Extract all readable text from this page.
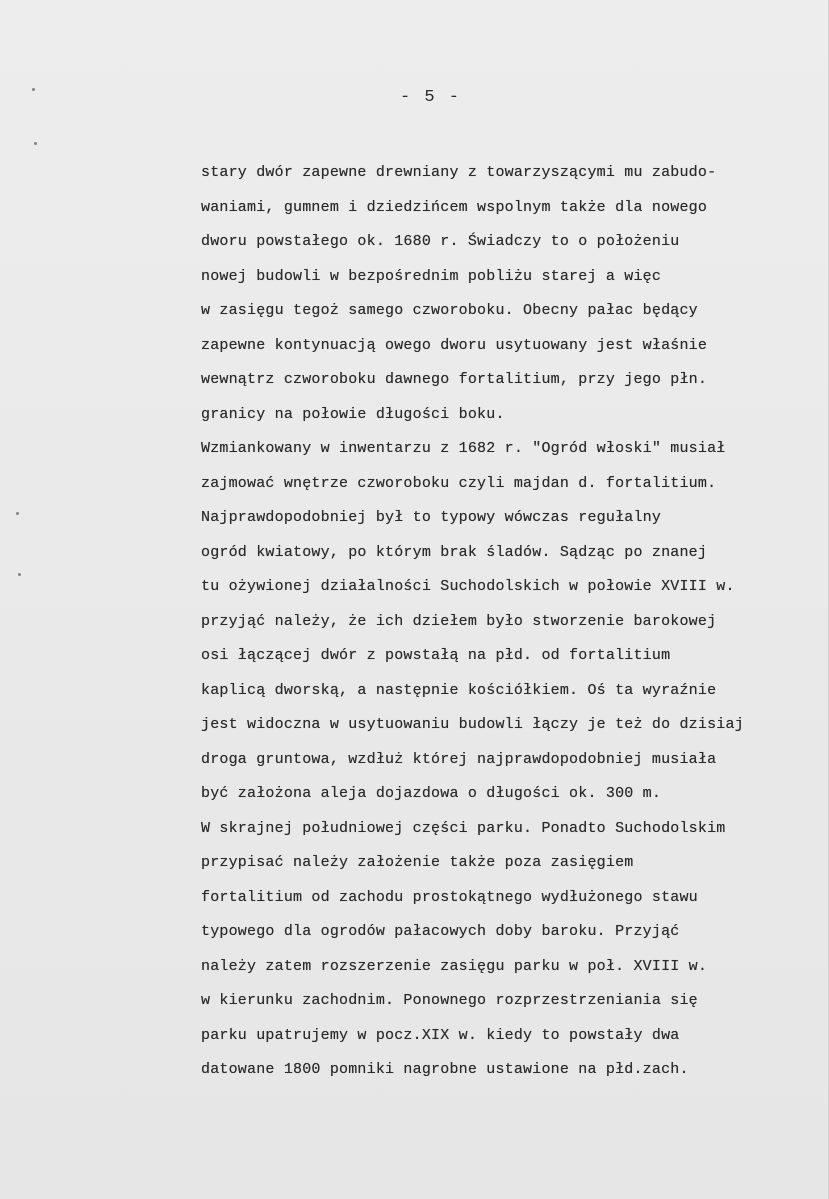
- 5 -
stary dwór zapewne drewniany z towarzyszącymi mu zabudo-
waniami, gumnem i dziedzińcem wspolnym także dla nowego
dworu powstałego ok. 1680 r. Świadczy to o położeniu
nowej budowli w bezpośrednim pobliżu starej a więc
w zasięgu tegoż samego czworoboku. Obecny pałac będący
zapewne kontynuacją owego dworu usytuowany jest właśnie
wewnątrz czworoboku dawnego fortalitium, przy jego płn.
granicy na połowie długości boku.
Wzmiankowany w inwentarzu z 1682 r. "Ogród włoski" musiał
zajmować wnętrze czworoboku czyli majdan d. fortalitium.
Najprawdopodobniej był to typowy wówczas regułalny
ogród kwiatowy, po którym brak śladów. Sądząc po znanej
tu ożywionej działalności Suchodolskich w połowie XVIII w.
przyjąć należy, że ich dziełem było stworzenie barokowej
osi łączącej dwór z powstałą na płd. od fortalitium
kaplicą dworską, a następnie kościółkiem. Oś ta wyraźnie
jest widoczna w usytuowaniu budowli łączy je też do dzisiaj
droga gruntowa, wzdłuż której najprawdopodobniej musiała
być założona aleja dojazdowa o długości ok. 300 m.
W skrajnej południowej części parku. Ponadto Suchodolskim
przypisać należy założenie także poza zasięgiem
fortalitium od zachodu prostokątnego wydłużonego stawu
typowego dla ogrodów pałacowych doby baroku. Przyjąć
należy zatem rozszerzenie zasięgu parku w poł. XVIII w.
w kierunku zachodnim. Ponownego rozprzestrzeniania się
parku upatrujemy w pocz.XIX w. kiedy to powstały dwa
datowane 1800 pomniki nagrobne ustawione na płd.zach.
